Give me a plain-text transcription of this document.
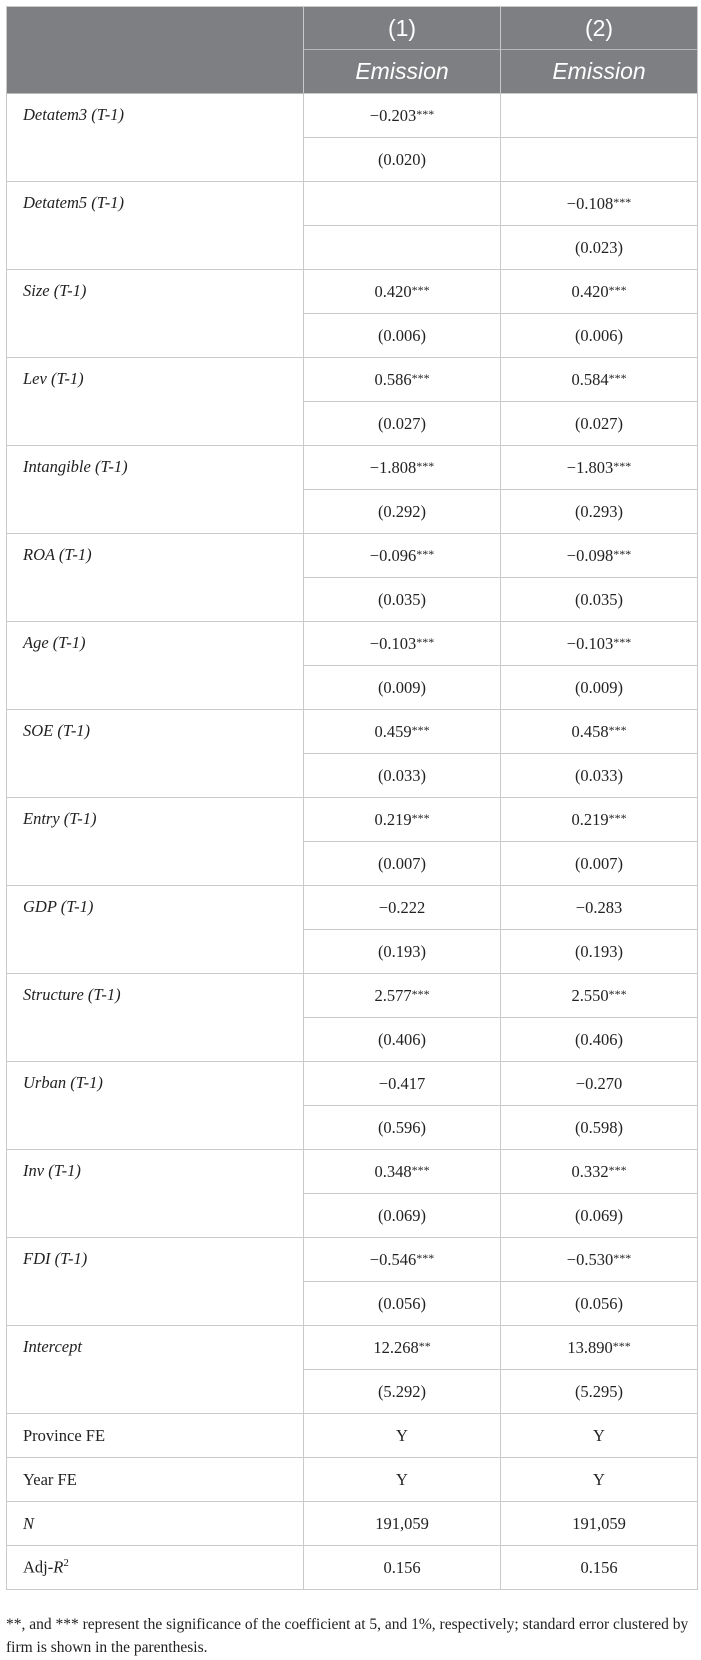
	(1)	(2)
	Emission	Emission
Detatem3 (T-1)	−0.203***	
	(0.020)	
Detatem5 (T-1)		−0.108***
		(0.023)
Size (T-1)	0.420***	0.420***
	(0.006)	(0.006)
Lev (T-1)	0.586***	0.584***
	(0.027)	(0.027)
Intangible (T-1)	−1.808***	−1.803***
	(0.292)	(0.293)
ROA (T-1)	−0.096***	−0.098***
	(0.035)	(0.035)
Age (T-1)	−0.103***	−0.103***
	(0.009)	(0.009)
SOE (T-1)	0.459***	0.458***
	(0.033)	(0.033)
Entry (T-1)	0.219***	0.219***
	(0.007)	(0.007)
GDP (T-1)	−0.222	−0.283
	(0.193)	(0.193)
Structure (T-1)	2.577***	2.550***
	(0.406)	(0.406)
Urban (T-1)	−0.417	−0.270
	(0.596)	(0.598)
Inv (T-1)	0.348***	0.332***
	(0.069)	(0.069)
FDI (T-1)	−0.546***	−0.530***
	(0.056)	(0.056)
Intercept	12.268**	13.890***
	(5.292)	(5.295)
Province FE	Y	Y
Year FE	Y	Y
N	191,059	191,059
Adj-$R^2$	0.156	0.156
**, and *** represent the significance of the coefficient at 5, and 1%, respectively; standard error clustered by firm is shown in the parenthesis.
